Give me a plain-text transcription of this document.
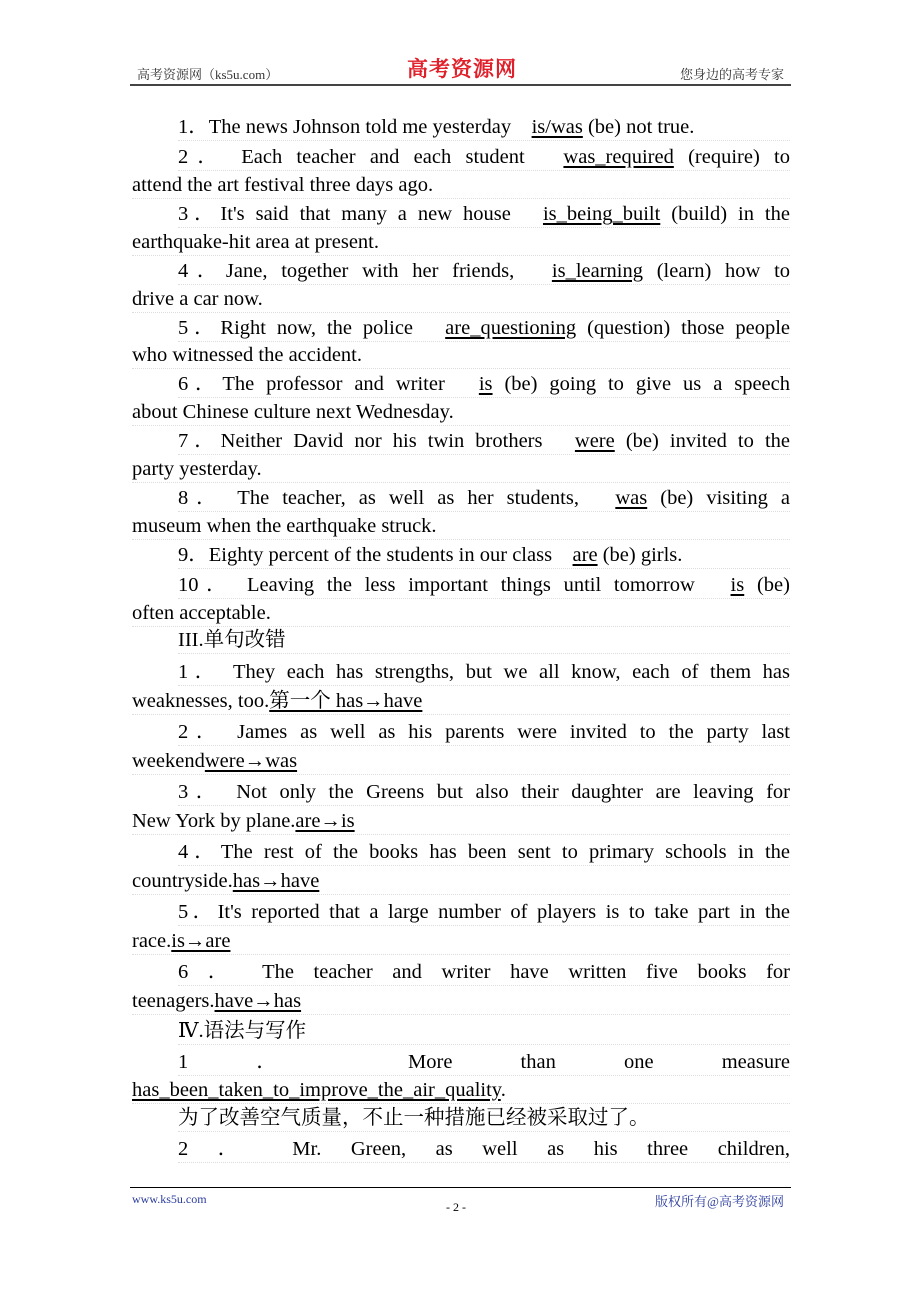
高考资源网（ks5u.com）	高考资源网	您身边的高考专家
1．The news Johnson told me yesterday　is/was (be) not true.
2． Each teacher and each student　was_required (require) to
attend the art festival three days ago.
3．It's said that many a new house　is_being_built (build) in the
earthquake-hit area at present.
4．Jane, together with her friends,　is_learning (learn) how to
drive a car now.
5．Right now, the police　are_questioning (question) those people
who witnessed the accident.
6．The professor and writer　is (be) going to give us a speech
about Chinese culture next Wednesday.
7．Neither David nor his twin brothers　were (be) invited to the
party yesterday.
8． The teacher, as well as her students,　was (be) visiting a
museum when the earthquake struck.
9．Eighty percent of the students in our class　are (be) girls.
10． Leaving the less important things until tomorrow　is (be)
often acceptable.
III.单句改错
1． They each has strengths, but we all know, each of them has
weaknesses, too.第一个 has→have
2． James as well as his parents were invited to the party last
weekendwere→was
3． Not only the Greens but also their daughter are leaving for
New York by plane.are→is
4．The rest of the books has been sent to primary schools in the
countryside.has→have
5．It's reported that a large number of players is to take part in the
race.is→are
6 ． The teacher and writer have written five books for
teenagers.have→has
Ⅳ.语法与写作
1 ． More than one measure
has_been_taken_to_improve_the_air_quality.
为了改善空气质量，不止一种措施已经被采取过了。
2 ． Mr. Green, as well as his three children,
www.ks5u.com
- 2 -	版权所有@高考资源网
